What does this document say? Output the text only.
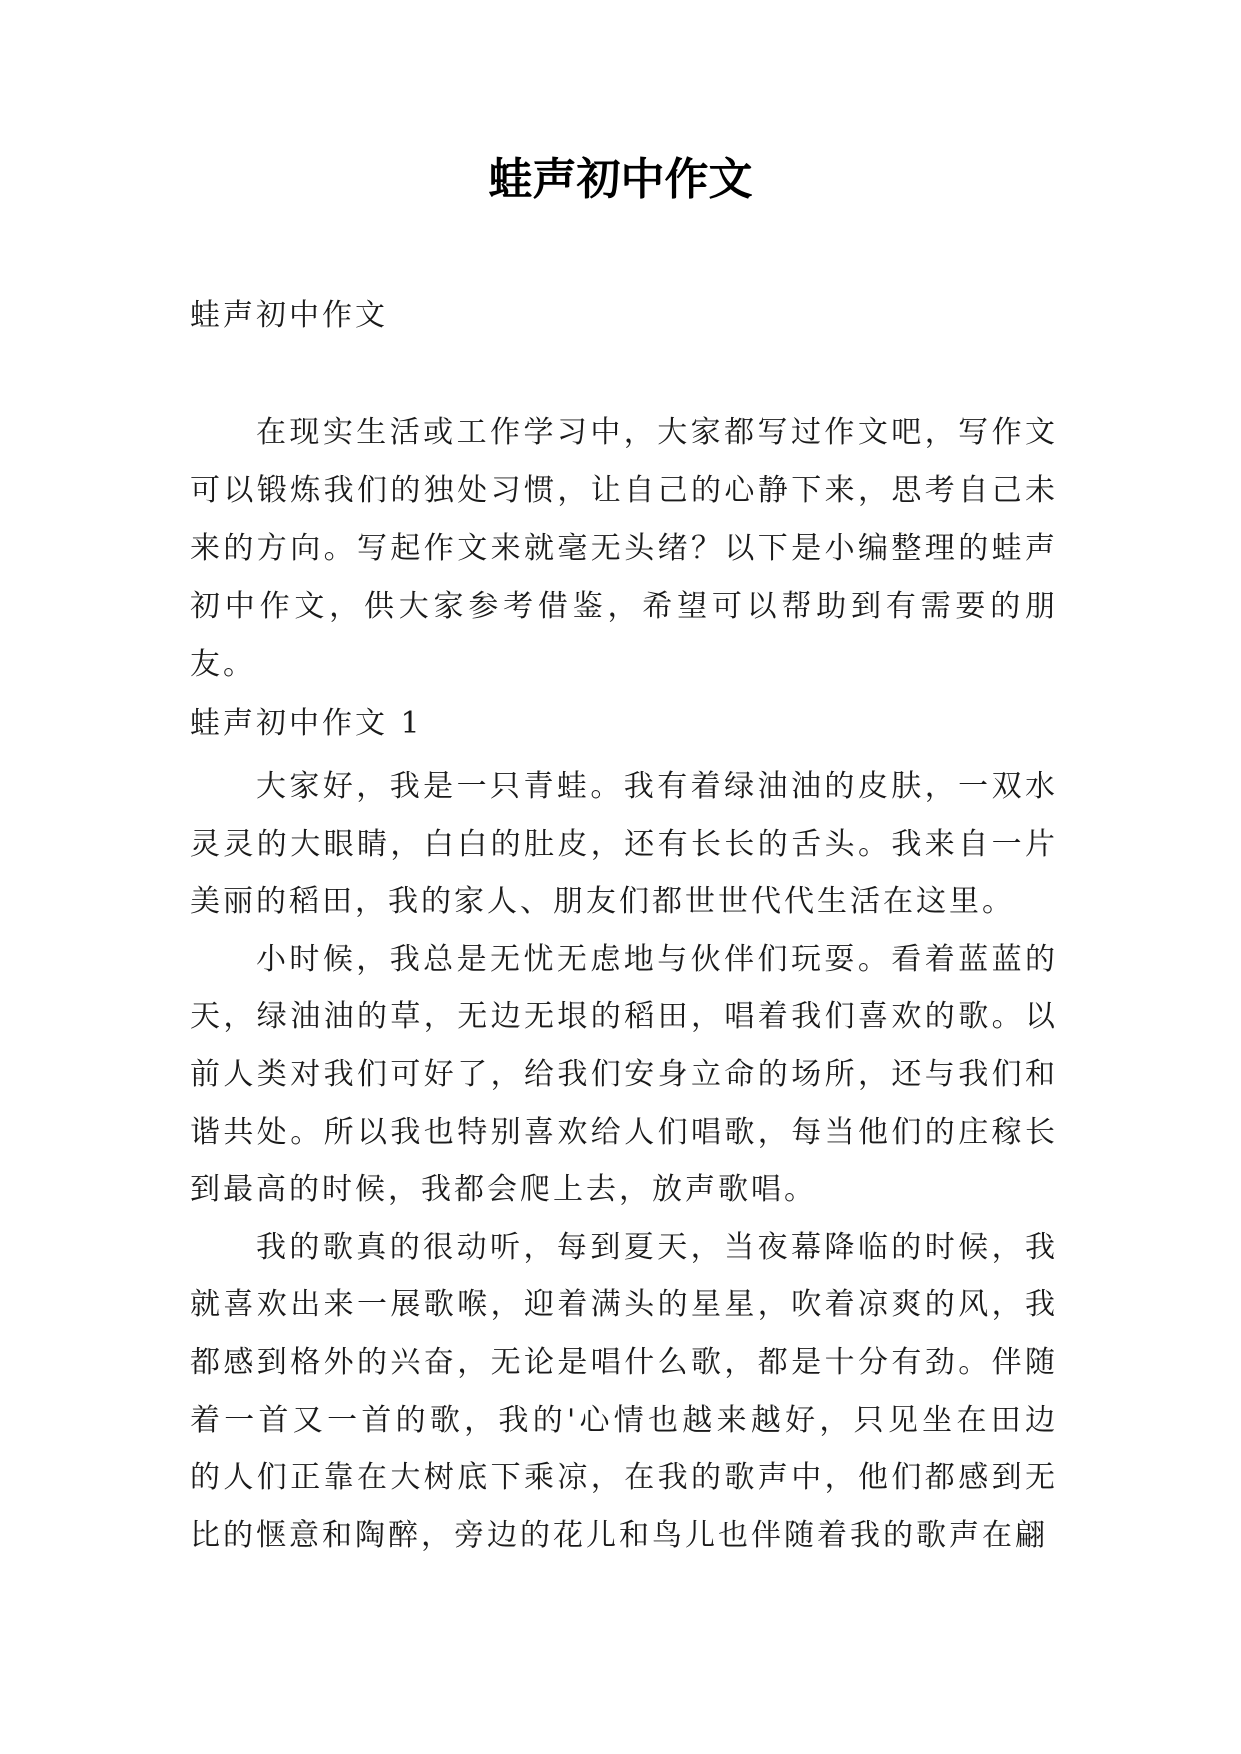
蛙声初中作文
蛙声初中作文

在现实生活或工作学习中，大家都写过作文吧，写作文可以锻炼我们的独处习惯，让自己的心静下来，思考自己未来的方向。写起作文来就毫无头绪？以下是小编整理的蛙声初中作文，供大家参考借鉴，希望可以帮助到有需要的朋友。

蛙声初中作文 1

大家好，我是一只青蛙。我有着绿油油的皮肤，一双水灵灵的大眼睛，白白的肚皮，还有长长的舌头。我来自一片美丽的稻田，我的家人、朋友们都世世代代生活在这里。

小时候，我总是无忧无虑地与伙伴们玩耍。看着蓝蓝的天，绿油油的草，无边无垠的稻田，唱着我们喜欢的歌。以前人类对我们可好了，给我们安身立命的场所，还与我们和谐共处。所以我也特别喜欢给人们唱歌，每当他们的庄稼长到最高的时候，我都会爬上去，放声歌唱。

我的歌真的很动听，每到夏天，当夜幕降临的时候，我就喜欢出来一展歌喉，迎着满头的星星，吹着凉爽的风，我都感到格外的兴奋，无论是唱什么歌，都是十分有劲。伴随着一首又一首的歌，我的'心情也越来越好，只见坐在田边的人们正靠在大树底下乘凉，在我的歌声中，他们都感到无比的惬意和陶醉，旁边的花儿和鸟儿也伴随着我的歌声在翩
